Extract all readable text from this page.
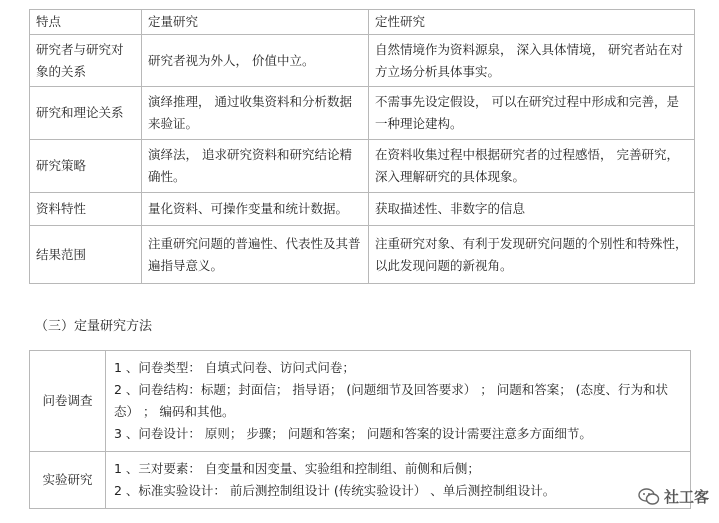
特点	定量研究	定性研究
研究者与研究对象的关系	研究者视为外人， 价值中立。	自然情境作为资料源泉， 深入具体情境， 研究者站在对方立场分析具体事实。
研究和理论关系	演绎推理， 通过收集资料和分析数据来验证。	不需事先设定假设， 可以在研究过程中形成和完善，是一种理论建构。
研究策略	演绎法， 追求研究资料和研究结论精确性。	在资料收集过程中根据研究者的过程感悟， 完善研究， 深入理解研究的具体现象。
资料特性	量化资料、可操作变量和统计数据。	获取描述性、非数字的信息
结果范围	注重研究问题的普遍性、代表性及其普遍指导意义。	注重研究对象、有利于发现研究问题的个别性和特殊性， 以此发现问题的新视角。
（三）定量研究方法
问卷调查	1 、问卷类型： 自填式问卷、访问式问卷；
2 、问卷结构：标题；封面信； 指导语； (问题细节及回答要求） ； 问题和答案； (态度、行为和状态） ； 编码和其他。
3 、问卷设计： 原则； 步骤； 问题和答案； 问题和答案的设计需要注意多方面细节。

实验研究	1 、三对要素： 自变量和因变量、实验组和控制组、前侧和后侧；
2 、标准实验设计： 前后测控制组设计 (传统实验设计） 、单后测控制组设计。	社工客
